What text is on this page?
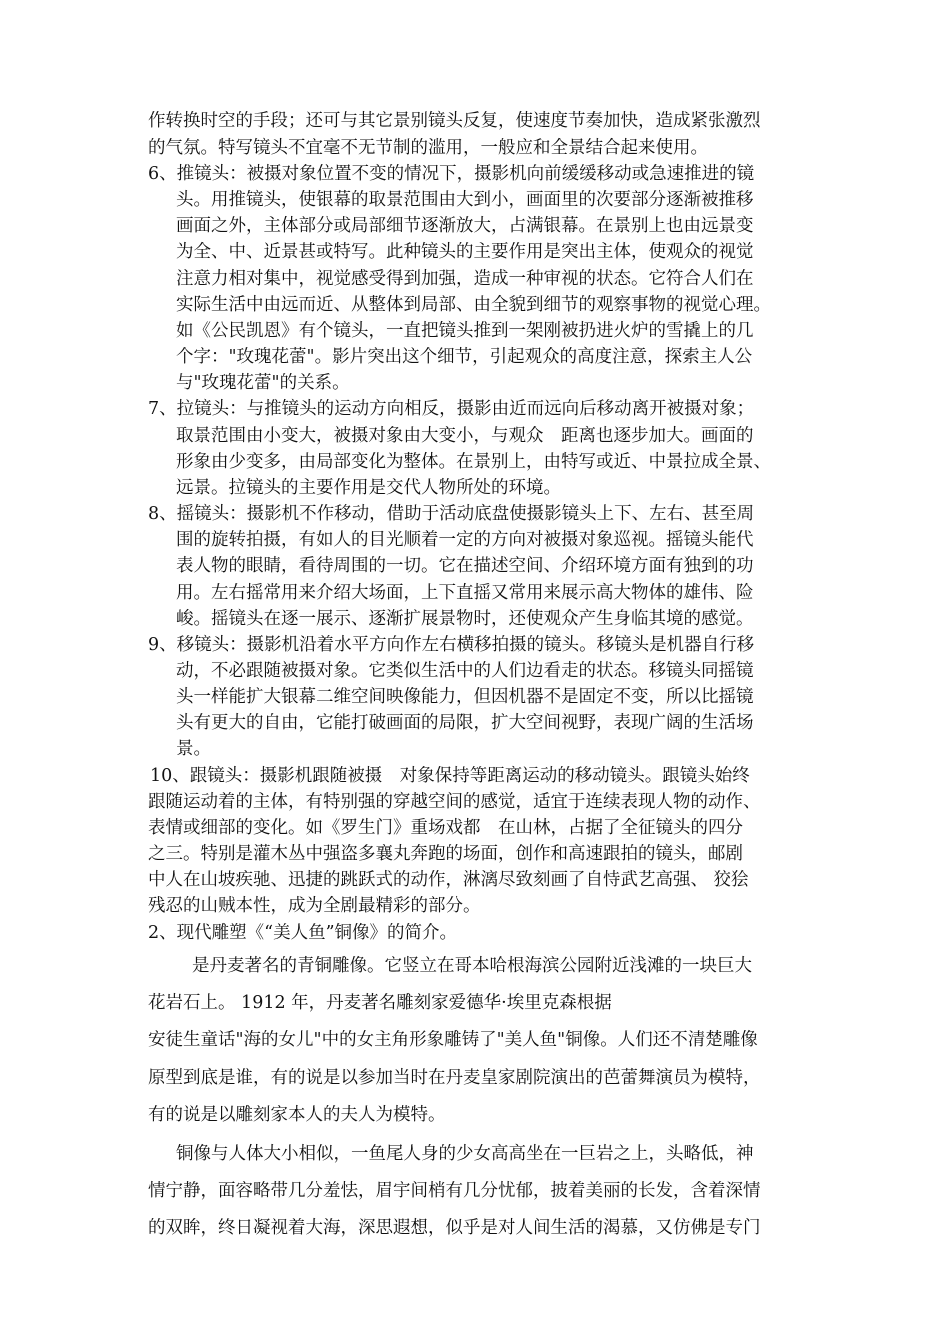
作转换时空的手段；还可与其它景别镜头反复，使速度节奏加快，造成紧张激烈

的气氛。特写镜头不宜毫不无节制的滥用，一般应和全景结合起来使用。

6、推镜头：被摄对象位置不变的情况下，摄影机向前缓缓移动或急速推进的镜

头。用推镜头，使银幕的取景范围由大到小，画面里的次要部分逐渐被推移

画面之外，主体部分或局部细节逐渐放大，占满银幕。在景别上也由远景变

为全、中、近景甚或特写。此种镜头的主要作用是突出主体，使观众的视觉

注意力相对集中，视觉感受得到加强，造成一种审视的状态。它符合人们在

实际生活中由远而近、从整体到局部、由全貌到细节的观察事物的视觉心理。

如《公民凯恩》有个镜头，一直把镜头推到一架刚被扔进火炉的雪撬上的几

个字："玫瑰花蕾"。影片突出这个细节，引起观众的高度注意，探索主人公

与"玫瑰花蕾"的关系。

7、拉镜头：与推镜头的运动方向相反，摄影由近而远向后移动离开被摄对象；

取景范围由小变大，被摄对象由大变小，与观众　距离也逐步加大。画面的

形象由少变多，由局部变化为整体。在景别上，由特写或近、中景拉成全景、

远景。拉镜头的主要作用是交代人物所处的环境。

8、摇镜头：摄影机不作移动，借助于活动底盘使摄影镜头上下、左右、甚至周

围的旋转拍摄，有如人的目光顺着一定的方向对被摄对象巡视。摇镜头能代

表人物的眼睛，看待周围的一切。它在描述空间、介绍环境方面有独到的功

用。左右摇常用来介绍大场面，上下直摇又常用来展示高大物体的雄伟、险

峻。摇镜头在逐一展示、逐渐扩展景物时，还使观众产生身临其境的感觉。

9、移镜头：摄影机沿着水平方向作左右横移拍摄的镜头。移镜头是机器自行移

动，不必跟随被摄对象。它类似生活中的人们边看走的状态。移镜头同摇镜

头一样能扩大银幕二维空间映像能力，但因机器不是固定不变，所以比摇镜

头有更大的自由，它能打破画面的局限，扩大空间视野，表现广阔的生活场

景。

10、跟镜头：摄影机跟随被摄　对象保持等距离运动的移动镜头。跟镜头始终

跟随运动着的主体，有特别强的穿越空间的感觉，适宜于连续表现人物的动作、

表情或细部的变化。如《罗生门》重场戏都　在山林，占据了全征镜头的四分

之三。特别是灌木丛中强盗多襄丸奔跑的场面，创作和高速跟拍的镜头，邮剧

中人在山坡疾驰、迅捷的跳跃式的动作，淋漓尽致刻画了自恃武艺高强、 狡狯

残忍的山贼本性，成为全剧最精彩的部分。

2、现代雕塑《“美人鱼”铜像》的简介。

是丹麦著名的青铜雕像。它竖立在哥本哈根海滨公园附近浅滩的一块巨大

花岩石上。 1912 年，丹麦著名雕刻家爱德华·埃里克森根据

安徒生童话"海的女儿"中的女主角形象雕铸了"美人鱼"铜像。人们还不清楚雕像

原型到底是谁，有的说是以参加当时在丹麦皇家剧院演出的芭蕾舞演员为模特，

有的说是以雕刻家本人的夫人为模特。

铜像与人体大小相似，一鱼尾人身的少女高高坐在一巨岩之上，头略低，神

情宁静，面容略带几分羞怯，眉宇间梢有几分忧郁，披着美丽的长发，含着深情

的双眸，终日凝视着大海，深思遐想，似乎是对人间生活的渴慕，又仿佛是专门
